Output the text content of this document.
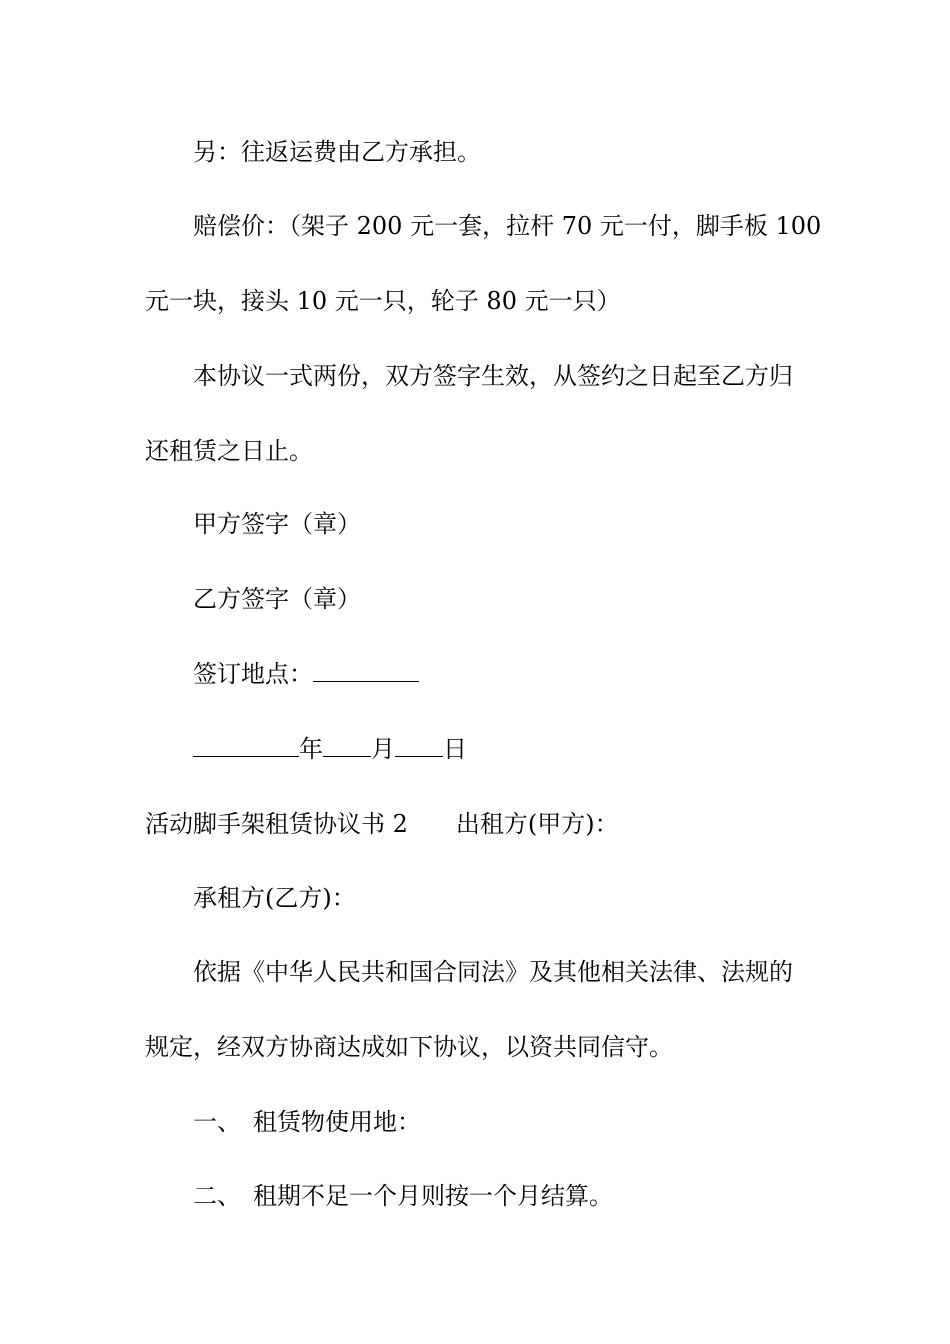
另：往返运费由乙方承担。
赔偿价：（架子 200 元一套，拉杆 70 元一付，脚手板 100
元一块，接头 10 元一只，轮子 80 元一只）
本协议一式两份，双方签字生效，从签约之日起至乙方归
还租赁之日止。
甲方签字（章）
乙方签字（章）
签订地点：
年 月 日
活动脚手架租赁协议书 2 出租方(甲方)：
承租方(乙方)：
依据《中华人民共和国合同法》及其他相关法律、法规的
规定，经双方协商达成如下协议，以资共同信守。
一、 租赁物使用地：
二、 租期不足一个月则按一个月结算。
